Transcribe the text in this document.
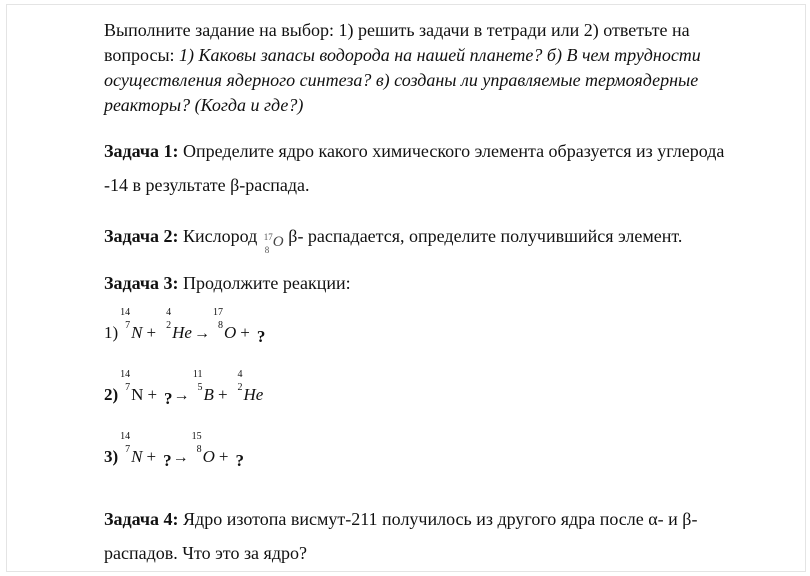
Выполните задание на выбор: 1) решить задачи в тетради или 2) ответьте на вопросы: 1) Каковы запасы водорода на нашей планете? б) В чем трудности осуществления ядерного синтеза? в) созданы ли управляемые термоядерные реакторы? (Когда и где?)

Задача 1: Определите ядро какого химического элемента образуется из углерода -14 в результате β-распада.

Задача 2: Кислород 17
8 O β- распадается, определите получившийся элемент.

Задача 3: Продолжите реакции:

1)
14
7 N +
4
2 He →
17
8 O + ?
2)
14
7 N + ?→
11
5 B +
4
2 He
3)
14
7 N + ?→
15
8 O + ?

Задача 4: Ядро изотопа висмут-211 получилось из другого ядра после α- и β-распадов. Что это за ядро?
